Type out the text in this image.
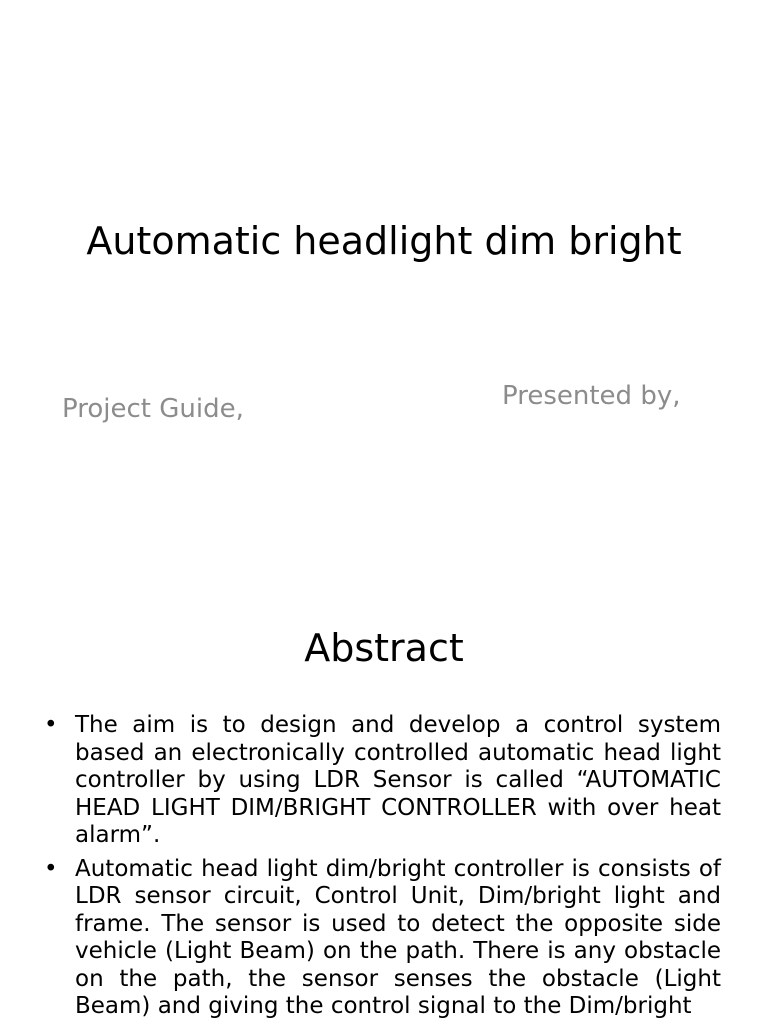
Automatic headlight dim bright
Project Guide,	Presented by,
Abstract
• The aim is to design and develop a control system based an electronically controlled automatic head light controller by using LDR Sensor is called “AUTOMATIC HEAD LIGHT DIM/BRIGHT CONTROLLER with over heat alarm”.
• Automatic head light dim/bright controller is consists of LDR sensor circuit, Control Unit, Dim/bright light and frame. The sensor is used to detect the opposite side vehicle (Light Beam) on the path. There is any obstacle on the path, the sensor senses the obstacle (Light Beam) and giving the control signal to the Dim/bright
